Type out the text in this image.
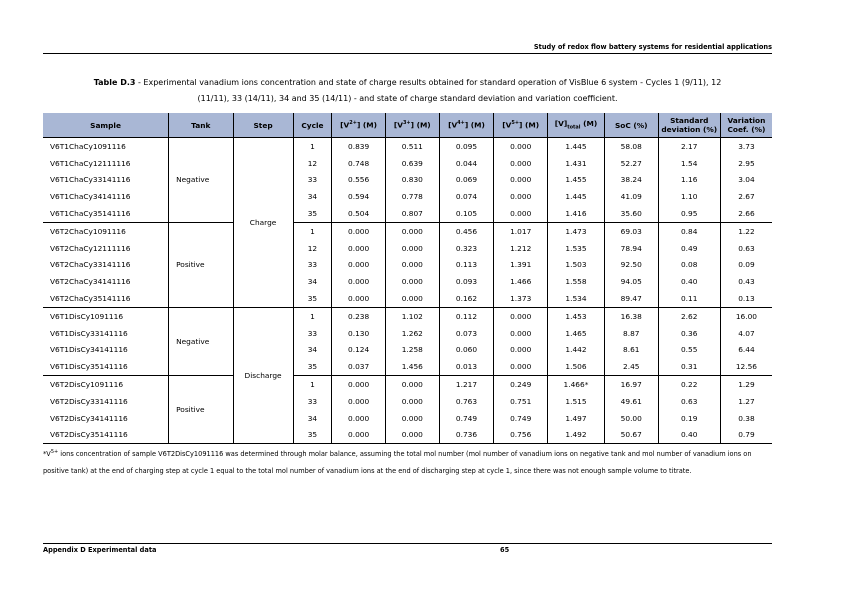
Study of redox flow battery systems for residential applications
Table D.3 - Experimental vanadium ions concentration and state of charge results obtained for standard operation of VisBlue 6 system - Cycles 1 (9/11), 12
(11/11), 33 (14/11), 34 and 35 (14/11) - and state of charge standard deviation and variation coefficient.
Sample	Tank	Step	Cycle	$[V^{2+}]$ (M)	$[V^{3+}]$ (M)	$[V^{4+}]$ (M)	$[V^{5+}]$ (M)	$[V]_{total}$ (M)	SoC (%)	Standard deviation (%)	Variation Coef. (%)
V6T1ChaCy1091116	Negative	Charge	1	0.839	0.511	0.095	0.000	1.445	58.08	2.17	3.73
V6T1ChaCy12111116			12	0.748	0.639	0.044	0.000	1.431	52.27	1.54	2.95
V6T1ChaCy33141116			33	0.556	0.830	0.069	0.000	1.455	38.24	1.16	3.04
V6T1ChaCy34141116			34	0.594	0.778	0.074	0.000	1.445	41.09	1.10	2.67
V6T1ChaCy35141116			35	0.504	0.807	0.105	0.000	1.416	35.60	0.95	2.66
V6T2ChaCy1091116	Positive		1	0.000	0.000	0.456	1.017	1.473	69.03	0.84	1.22
V6T2ChaCy12111116			12	0.000	0.000	0.323	1.212	1.535	78.94	0.49	0.63
V6T2ChaCy33141116			33	0.000	0.000	0.113	1.391	1.503	92.50	0.08	0.09
V6T2ChaCy34141116			34	0.000	0.000	0.093	1.466	1.558	94.05	0.40	0.43
V6T2ChaCy35141116			35	0.000	0.000	0.162	1.373	1.534	89.47	0.11	0.13
V6T1DisCy1091116	Negative	Discharge	1	0.238	1.102	0.112	0.000	1.453	16.38	2.62	16.00
V6T1DisCy33141116			33	0.130	1.262	0.073	0.000	1.465	8.87	0.36	4.07
V6T1DisCy34141116			34	0.124	1.258	0.060	0.000	1.442	8.61	0.55	6.44
V6T1DisCy35141116			35	0.037	1.456	0.013	0.000	1.506	2.45	0.31	12.56
V6T2DisCy1091116	Positive		1	0.000	0.000	1.217	0.249	1.466*	16.97	0.22	1.29
V6T2DisCy33141116			33	0.000	0.000	0.763	0.751	1.515	49.61	0.63	1.27
V6T2DisCy34141116			34	0.000	0.000	0.749	0.749	1.497	50.00	0.19	0.38
V6T2DisCy35141116			35	0.000	0.000	0.736	0.756	1.492	50.67	0.40	0.79
$*V^{5+}$ ions concentration of sample V6T2DisCy1091116 was determined through molar balance, assuming the total mol number (mol number of vanadium ions on negative tank and mol number of vanadium ions on positive tank) at the end of charging step at cycle 1 equal to the total mol number of vanadium ions at the end of discharging step at cycle 1, since there was not enough sample volume to titrate.
Appendix D Experimental data	65
